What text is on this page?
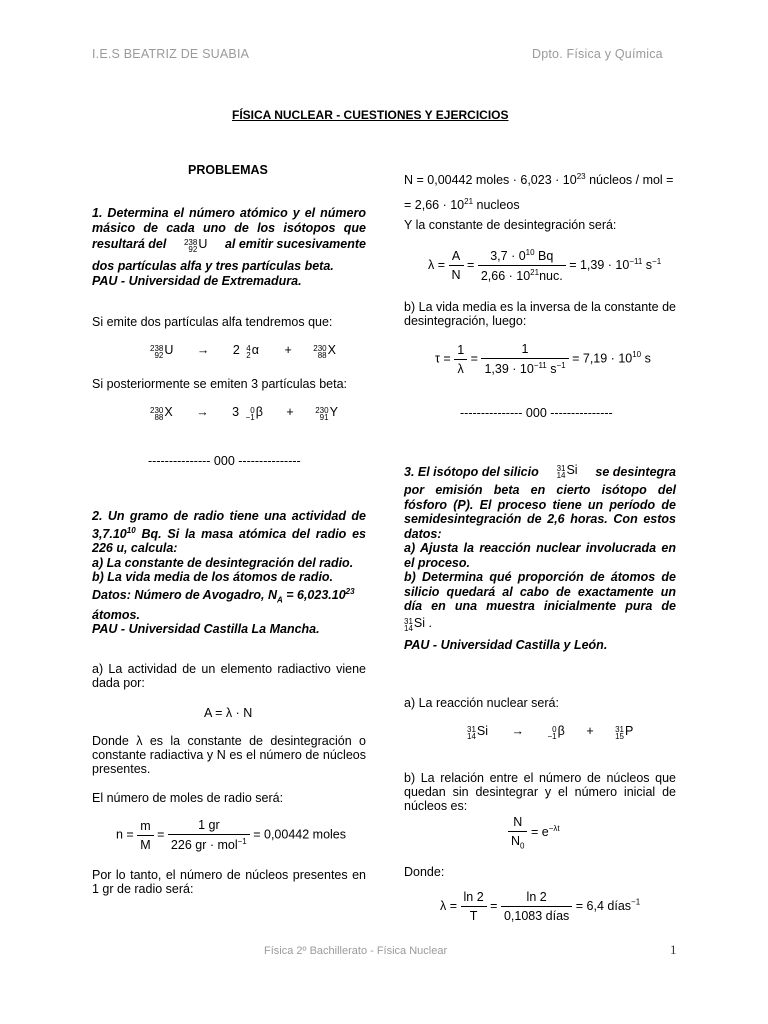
I.E.S BEATRIZ DE SUABIA	Dpto. Física y Química
FÍSICA NUCLEAR - CUESTIONES Y EJERCICIOS
PROBLEMAS
1. Determina el número atómico y el número
másico de cada uno de los isótopos que
resultará del 238
92 U al emitir sucesivamente
dos partículas alfa y tres partículas beta.
PAU - Universidad de Extremadura.
Si emite dos partículas alfa tendremos que:
238
92 U → 2 4
2 α +	230
88 X
Si posteriormente se emiten 3 partículas beta:
230
88 X → 3	0
−1 β +	230
91 Y
--------------- 000 ---------------
2. Un gramo de radio tiene una actividad de
3,7.10$^{10}$ Bq. Si la masa atómica del radio es
226 u, calcula:
a) La constante de desintegración del radio.
b) La vida media de los átomos de radio.
Datos: Número de Avogadro, $N_A = 6,023.10^{23}$
átomos.
PAU - Universidad Castilla La Mancha.
a) La actividad de un elemento radiactivo viene dada por:
A = λ · N
Donde λ es la constante de desintegración o constante radiactiva y N es el número de núcleos presentes.
El número de moles de radio será:
$n = \frac{m}{M} = \frac{1 gr}{226 gr \cdot mol^{-1}} = 0,00442$ moles
Por lo tanto, el número de núcleos presentes en 1 gr de radio será:
N = 0,00442 moles · $6,023 \cdot 10^{23}$ núcleos / mol =
= $2,66 \cdot 10^{21}$ nucleos
Y la constante de desintegración será:
$\lambda = \frac{A}{N} = \frac{3,7 \cdot 0^{10} Bq}{2,66 \cdot 10^{21}nuc.} = 1,39 \cdot 10^{-11}$ $s^{-1}$
b) La vida media es la inversa de la constante de desintegración, luego:
$\tau = \frac{1}{\lambda} = \frac{1}{1,39 \cdot 10^{-11} s^{-1}} = 7,19 \cdot 10^{10}$ s
--------------- 000 ---------------
3. El isótopo del silicio 31
14 Si se desintegra
por emisión beta en cierto isótopo del
fósforo (P). El proceso tiene un período de
semidesintegración de 2,6 horas. Con estos
datos:
a) Ajusta la reacción nuclear involucrada en
el proceso.
b) Determina qué proporción de átomos de
silicio quedará al cabo de exactamente un
día en una muestra inicialmente pura de
31
14 Si .
PAU - Universidad Castilla y León.
a) La reacción nuclear será:
31
14 Si →	0
−1 β +	31
15 P
b) La relación entre el número de núcleos que quedan sin desintegrar y el número inicial de núcleos es:
$\frac{N}{N_0} = e^{-\lambda t}$
Donde:
$\lambda = \frac{\ln 2}{T} = \frac{\ln 2}{\text{0,1083 días}} = 6,4$ días$^{-1}$
Física 2º Bachillerato - Física Nuclear	1
